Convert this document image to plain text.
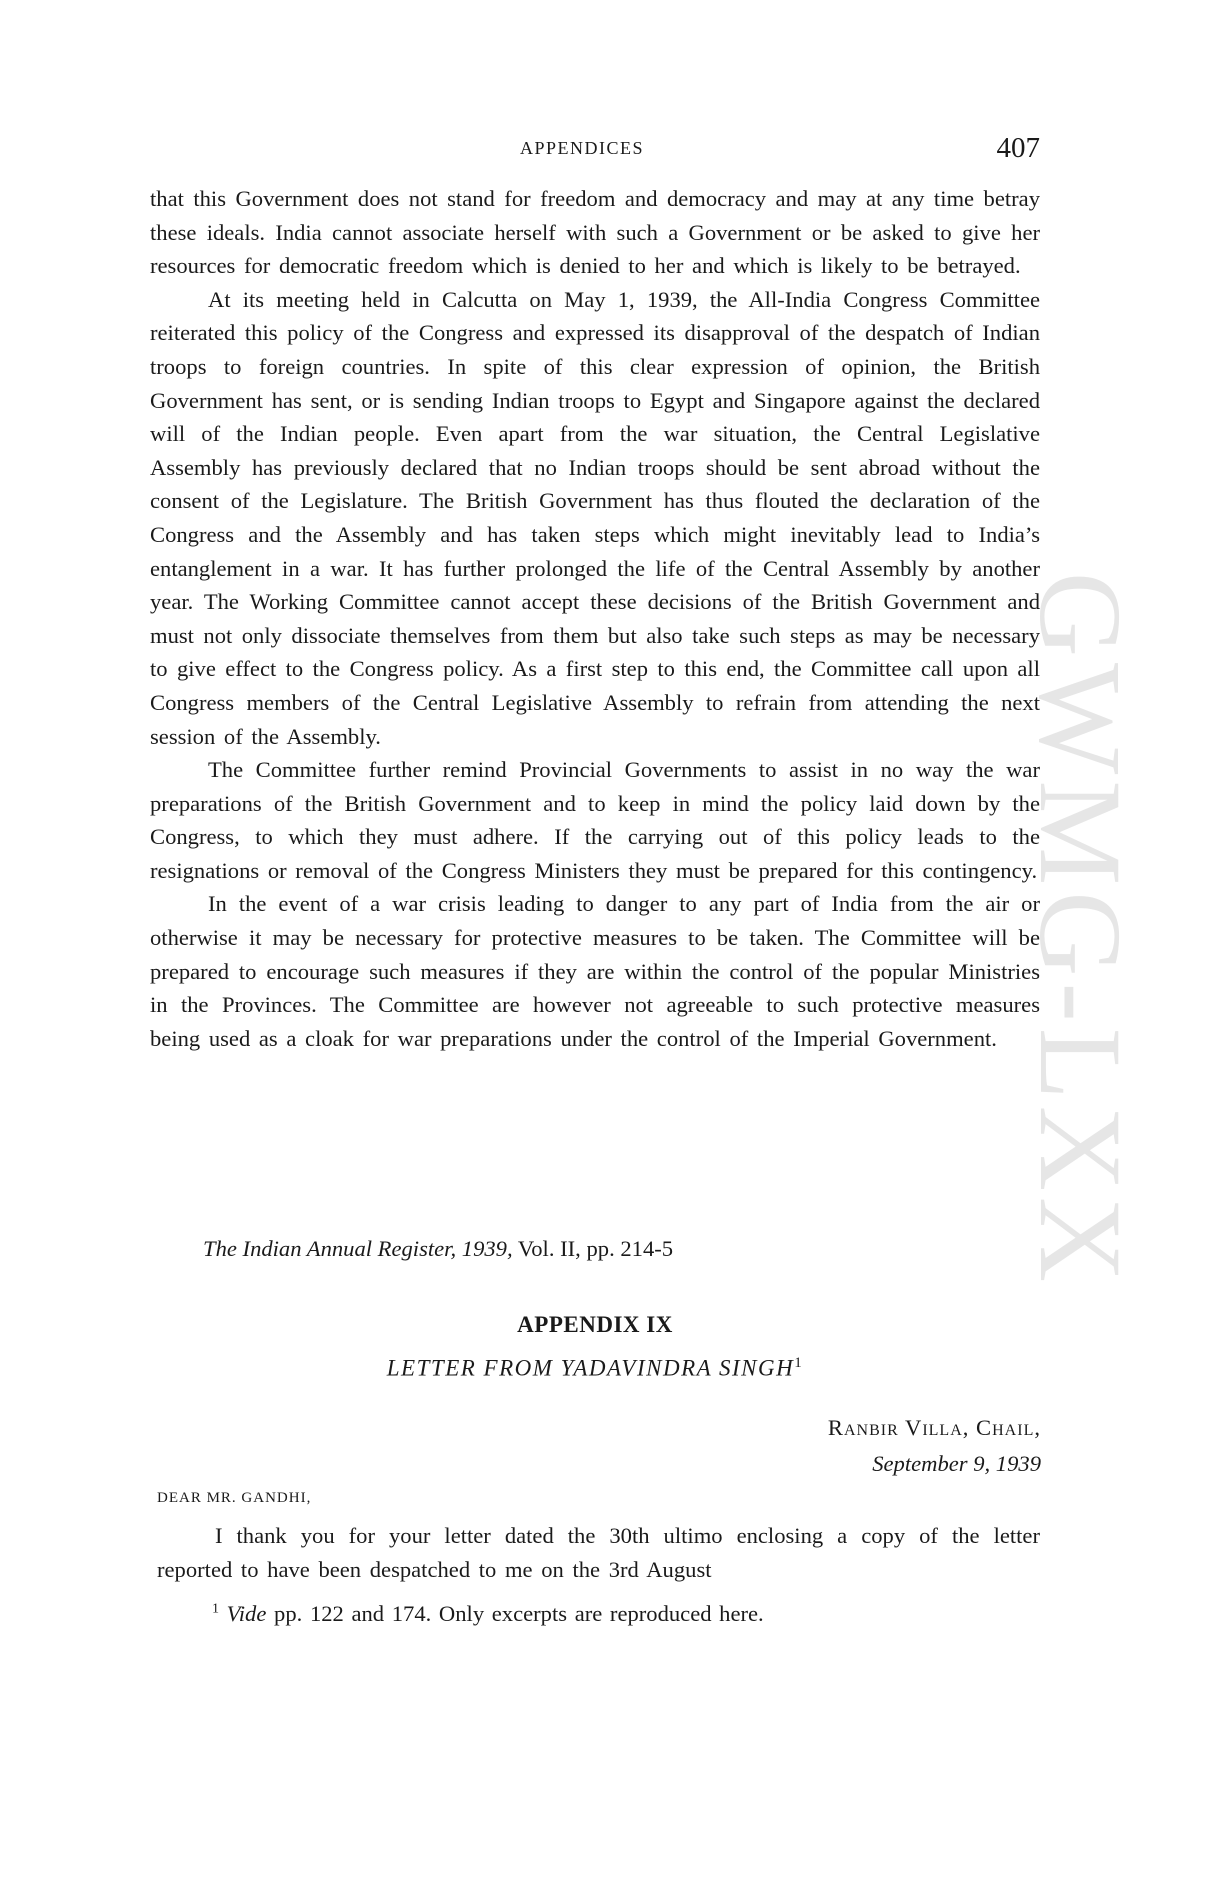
APPENDICES	407

that this Government does not stand for freedom and democracy and may at any time betray these ideals. India cannot associate herself with such a Government or be asked to give her resources for democratic freedom which is denied to her and which is likely to be betrayed.

At its meeting held in Calcutta on May 1, 1939, the All-India Congress Committee reiterated this policy of the Congress and expressed its disapproval of the despatch of Indian troops to foreign countries. In spite of this clear expression of opinion, the British Government has sent, or is sending Indian troops to Egypt and Singapore against the declared will of the Indian people. Even apart from the war situation, the Central Legislative Assembly has previously declared that no Indian troops should be sent abroad without the consent of the Legislature. The British Government has thus flouted the declaration of the Congress and the Assembly and has taken steps which might inevitably lead to India’s entanglement in a war. It has further prolonged the life of the Central Assembly by another year. The Working Committee cannot accept these decisions of the British Government and must not only dissociate themselves from them but also take such steps as may be necessary to give effect to the Congress policy. As a first step to this end, the Committee call upon all Congress members of the Central Legislative Assembly to refrain from attending the next session of the Assembly.

The Committee further remind Provincial Governments to assist in no way the war preparations of the British Government and to keep in mind the policy laid down by the Congress, to which they must adhere. If the carrying out of this policy leads to the resignations or removal of the Congress Ministers they must be prepared for this contingency.

In the event of a war crisis leading to danger to any part of India from the air or otherwise it may be necessary for protective measures to be taken. The Committee will be prepared to encourage such measures if they are within the control of the popular Ministries in the Provinces. The Committee are however not agreeable to such protective measures being used as a cloak for war preparations under the control of the Imperial Government.

The Indian Annual Register, 1939, Vol. II, pp. 214-5
APPENDIX IX
LETTER FROM YADAVINDRA SINGH$^1$
Ranbir Villa, Chail,
September 9, 1939
DEAR MR. GANDHI,

I thank you for your letter dated the 30th ultimo enclosing a copy of the letter reported to have been despatched to me on the 3rd August

$^1$ Vide pp. 122 and 174. Only excerpts are reproduced here.
GWMG-LXX
